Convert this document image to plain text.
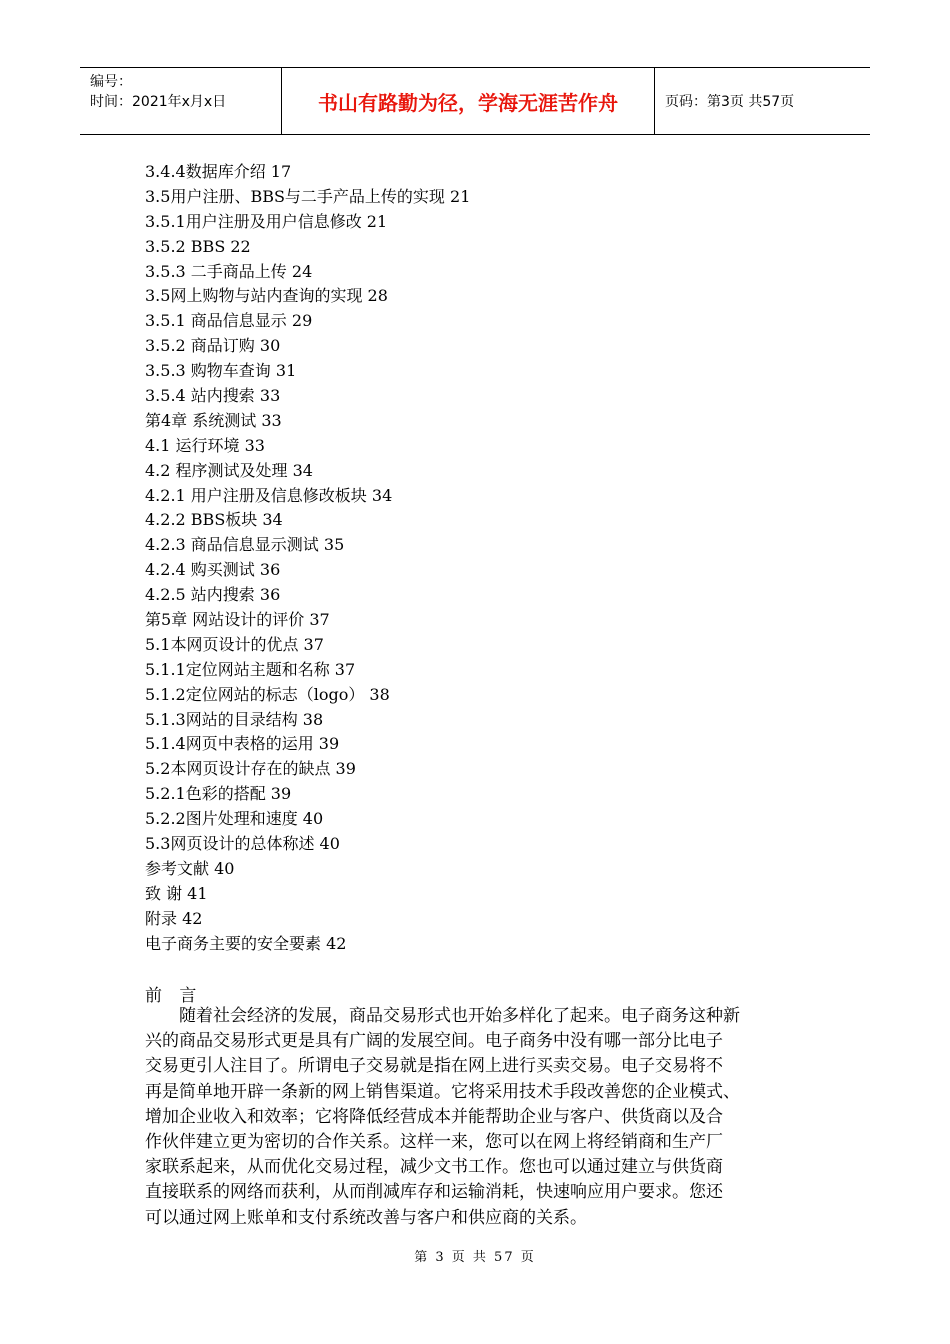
编号：
时间：2021年x月x日	书山有路勤为径，学海无涯苦作舟	页码：第3页 共57页
3.4.4数据库介绍 17
3.5用户注册、BBS与二手产品上传的实现 21
3.5.1用户注册及用户信息修改 21
3.5.2 BBS 22
3.5.3 二手商品上传 24
3.5网上购物与站内查询的实现 28
3.5.1 商品信息显示 29
3.5.2 商品订购 30
3.5.3 购物车查询 31
3.5.4 站内搜索 33
第4章 系统测试 33
4.1 运行环境 33
4.2 程序测试及处理 34
4.2.1 用户注册及信息修改板块 34
4.2.2 BBS板块 34
4.2.3 商品信息显示测试 35
4.2.4 购买测试 36
4.2.5 站内搜索 36
第5章 网站设计的评价 37
5.1本网页设计的优点 37
5.1.1定位网站主题和名称 37
5.1.2定位网站的标志（logo） 38
5.1.3网站的目录结构 38
5.1.4网页中表格的运用 39
5.2本网页设计存在的缺点 39
5.2.1色彩的搭配 39
5.2.2图片处理和速度 40
5.3网页设计的总体称述 40
参考文献 40
致 谢 41
附录 42
电子商务主要的安全要素 42
前 言
随着社会经济的发展，商品交易形式也开始多样化了起来。电子商务这种新
兴的商品交易形式更是具有广阔的发展空间。电子商务中没有哪一部分比电子
交易更引人注目了。所谓电子交易就是指在网上进行买卖交易。电子交易将不
再是简单地开辟一条新的网上销售渠道。它将采用技术手段改善您的企业模式、
增加企业收入和效率；它将降低经营成本并能帮助企业与客户、供货商以及合
作伙伴建立更为密切的合作关系。这样一来，您可以在网上将经销商和生产厂
家联系起来，从而优化交易过程，减少文书工作。您也可以通过建立与供货商
直接联系的网络而获利，从而削减库存和运输消耗，快速响应用户要求。您还
可以通过网上账单和支付系统改善与客户和供应商的关系。
第 3 页 共 57 页
